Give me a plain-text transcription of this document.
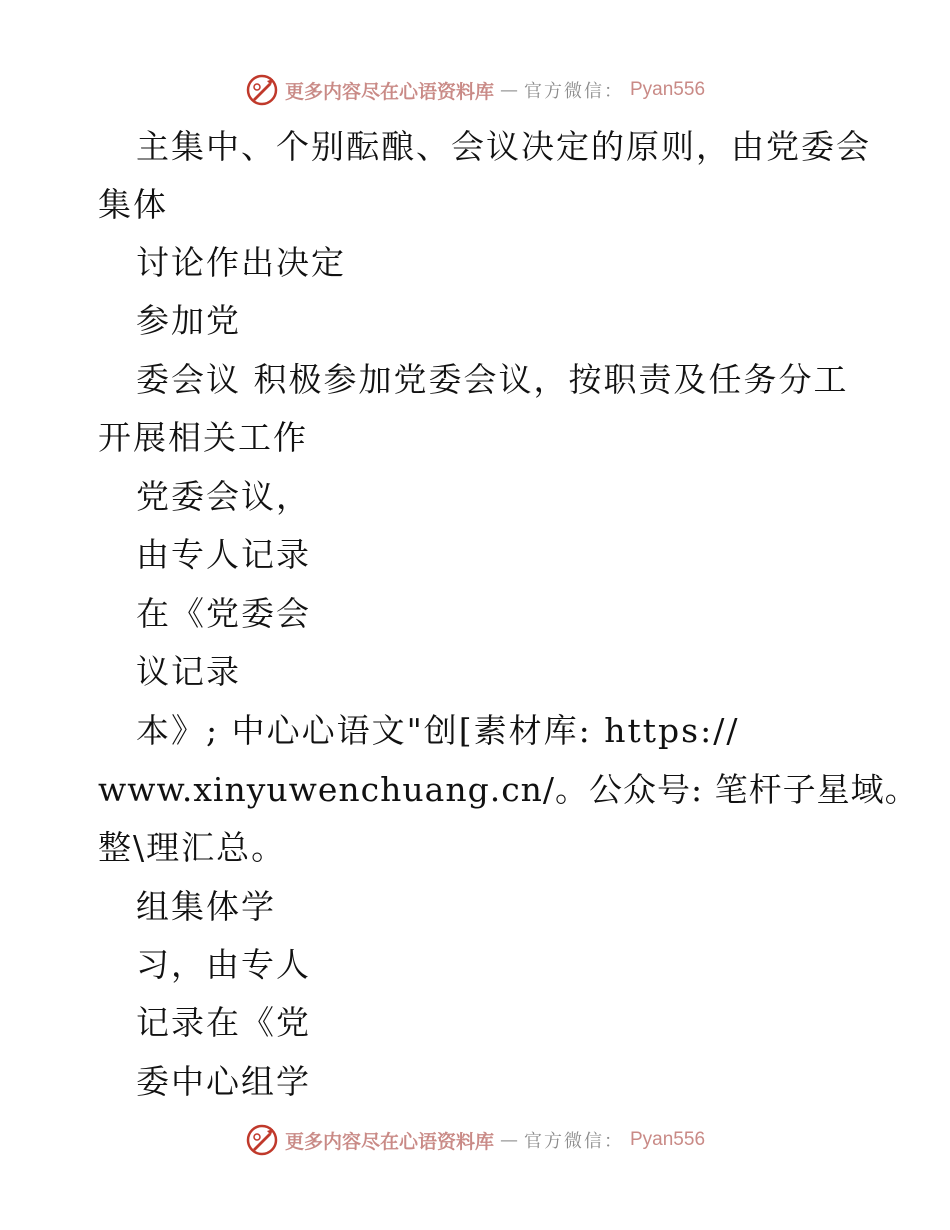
更多内容尽在心语资料库 — 官方微信： Pyan556
主集中、个别酝酿、会议决定的原则，由党委会
集体
讨论作出决定
参加党
委会议 积极参加党委会议，按职责及任务分工
开展相关工作
党委会议，
由专人记录
在《党委会
议记录
本》; 中心心语文"创[素材库: https://
www.xinyuwenchuang.cn/。公众号: 笔杆子星域。
整\理汇总。
组集体学
习，由专人
记录在《党
委中心组学
更多内容尽在心语资料库 — 官方微信： Pyan556
